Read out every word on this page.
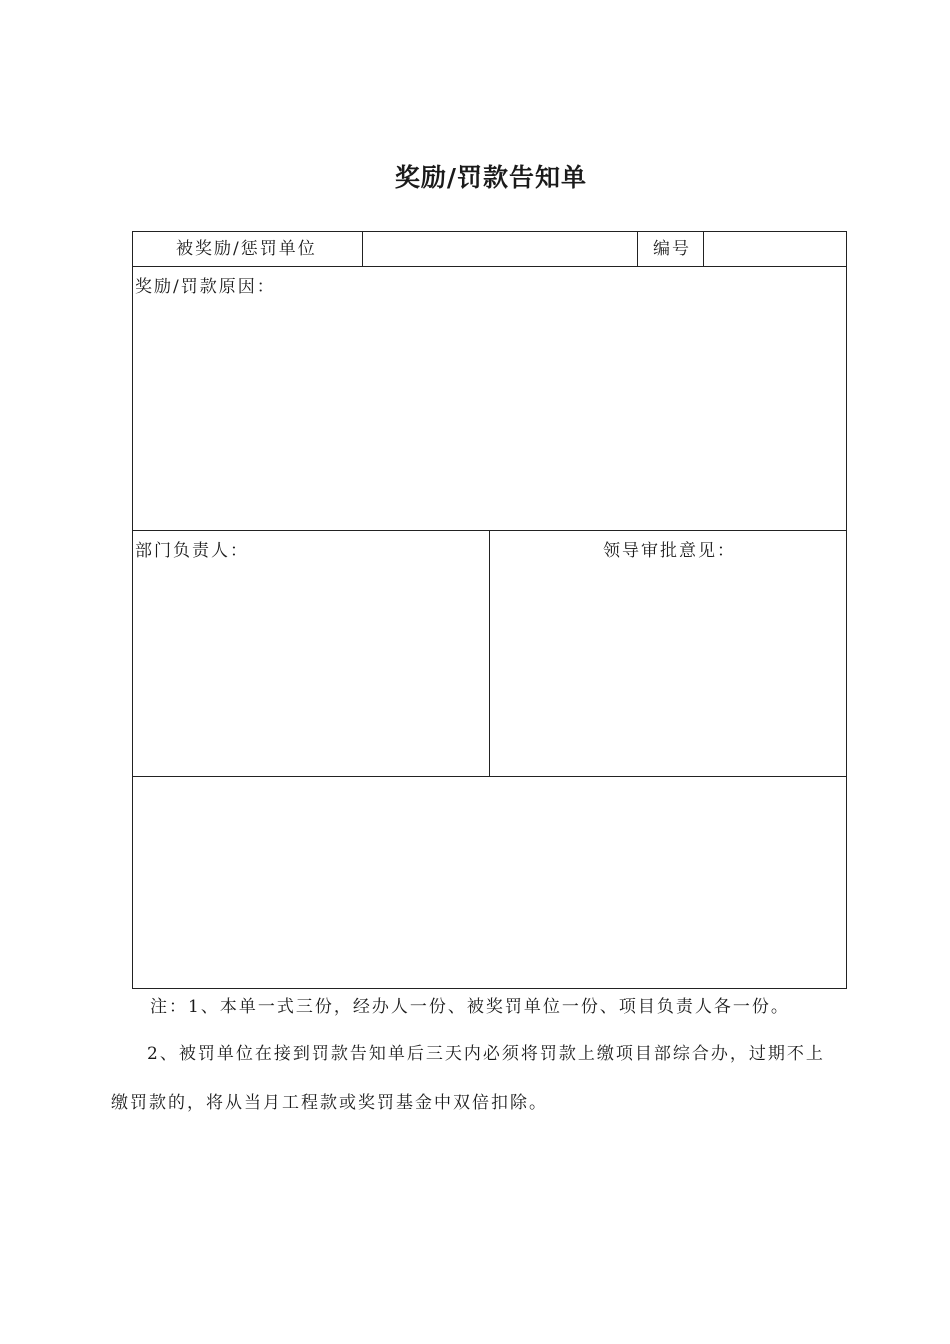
奖励/罚款告知单
被奖励/惩罚单位	编号
奖励/罚款原因：
部门负责人：	领导审批意见：
注：1、本单一式三份，经办人一份、被奖罚单位一份、项目负责人各一份。
2、被罚单位在接到罚款告知单后三天内必须将罚款上缴项目部综合办，过期不上
缴罚款的，将从当月工程款或奖罚基金中双倍扣除。
